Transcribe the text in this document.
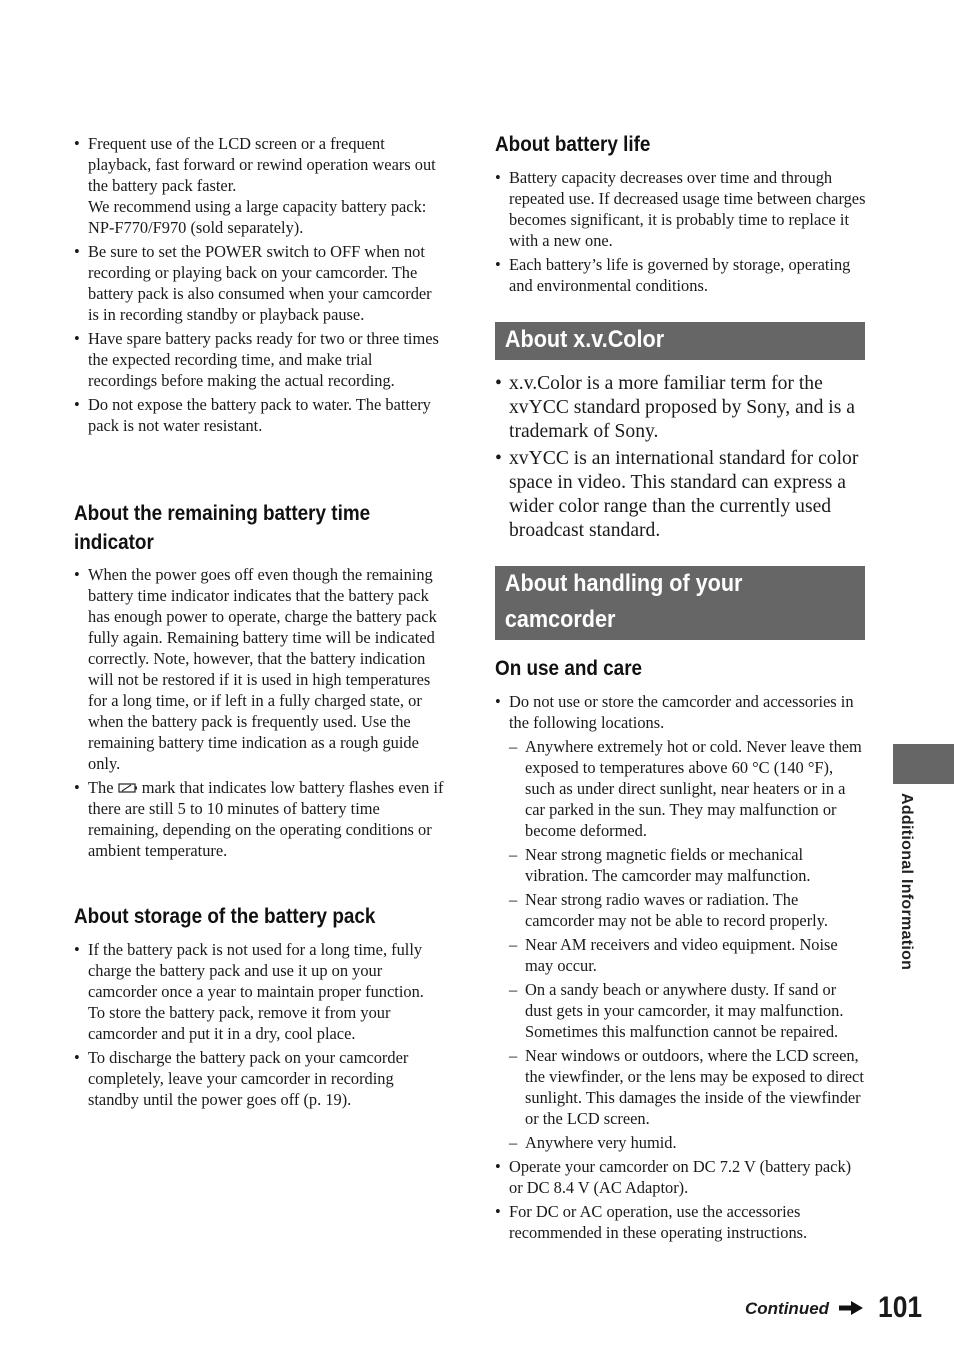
• Frequent use of the LCD screen or a frequent playback, fast forward or rewind operation wears out the battery pack faster.
We recommend using a large capacity battery pack: NP-F770/F970 (sold separately).
• Be sure to set the POWER switch to OFF when not recording or playing back on your camcorder. The battery pack is also consumed when your camcorder is in recording standby or playback pause.
• Have spare battery packs ready for two or three times the expected recording time, and make trial recordings before making the actual recording.
• Do not expose the battery pack to water. The battery pack is not water resistant.
About the remaining battery time
indicator
• When the power goes off even though the remaining battery time indicator indicates that the battery pack has enough power to operate, charge the battery pack fully again. Remaining battery time will be indicated correctly. Note, however, that the battery indication will not be restored if it is used in high temperatures for a long time, or if left in a fully charged state, or when the battery pack is frequently used. Use the remaining battery time indication as a rough guide only.
• The mark that indicates low battery flashes even if there are still 5 to 10 minutes of battery time remaining, depending on the operating conditions or ambient temperature.
About storage of the battery pack
• If the battery pack is not used for a long time, fully charge the battery pack and use it up on your camcorder once a year to maintain proper function. To store the battery pack, remove it from your camcorder and put it in a dry, cool place.
• To discharge the battery pack on your camcorder completely, leave your camcorder in recording standby until the power goes off (p. 19).
About battery life
• Battery capacity decreases over time and through repeated use. If decreased usage time between charges becomes significant, it is probably time to replace it with a new one.
• Each battery’s life is governed by storage, operating and environmental conditions.
About x.v.Color
• x.v.Color is a more familiar term for the xvYCC standard proposed by Sony, and is a trademark of Sony.
• xvYCC is an international standard for color space in video. This standard can express a wider color range than the currently used broadcast standard.
About handling of your
camcorder
On use and care
• Do not use or store the camcorder and accessories in the following locations.
– Anywhere extremely hot or cold. Never leave them exposed to temperatures above 60 °C (140 °F), such as under direct sunlight, near heaters or in a car parked in the sun. They may malfunction or become deformed.
– Near strong magnetic fields or mechanical vibration. The camcorder may malfunction.
– Near strong radio waves or radiation. The camcorder may not be able to record properly.
– Near AM receivers and video equipment. Noise may occur.
– On a sandy beach or anywhere dusty. If sand or dust gets in your camcorder, it may malfunction. Sometimes this malfunction cannot be repaired.
– Near windows or outdoors, where the LCD screen, the viewfinder, or the lens may be exposed to direct sunlight. This damages the inside of the viewfinder or the LCD screen.
– Anywhere very humid.
• Operate your camcorder on DC 7.2 V (battery pack) or DC 8.4 V (AC Adaptor).
• For DC or AC operation, use the accessories recommended in these operating instructions.
Additional Information
Continued 101
